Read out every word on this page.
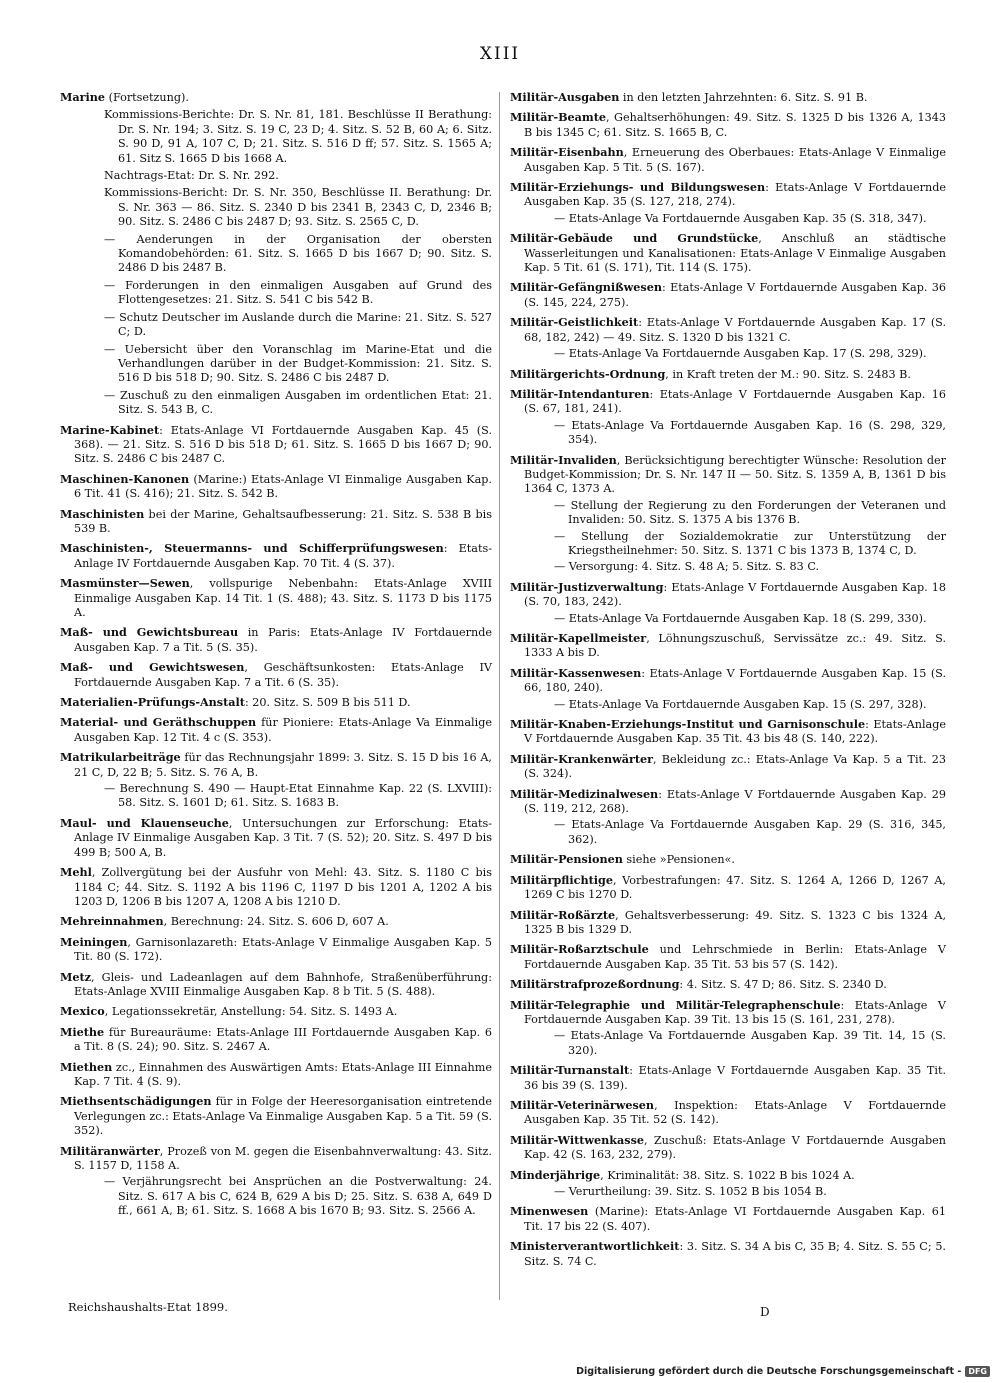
XIII

Marine (Fortsetzung).

Kommissions-Berichte: Dr. S. Nr. 81, 181. Beschlüsse II Berathung: Dr. S. Nr. 194; 3. Sitz. S. 19 C, 23 D; 4. Sitz. S. 52 B, 60 A; 6. Sitz. S. 90 D, 91 A, 107 C, D; 21. Sitz. S. 516 D ff; 57. Sitz. S. 1565 A; 61. Sitz S. 1665 D bis 1668 A.

Nachtrags-Etat: Dr. S. Nr. 292.

Kommissions-Bericht: Dr. S. Nr. 350, Beschlüsse II. Berathung: Dr. S. Nr. 363 — 86. Sitz. S. 2340 D bis 2341 B, 2343 C, D, 2346 B; 90. Sitz. S. 2486 C bis 2487 D; 93. Sitz. S. 2565 C, D.

— Aenderungen in der Organisation der obersten Komandobehörden: 61. Sitz. S. 1665 D bis 1667 D; 90. Sitz. S. 2486 D bis 2487 B.

— Forderungen in den einmaligen Ausgaben auf Grund des Flottengesetzes: 21. Sitz. S. 541 C bis 542 B.

— Schutz Deutscher im Auslande durch die Marine: 21. Sitz. S. 527 C; D.

— Uebersicht über den Voranschlag im Marine-Etat und die Verhandlungen darüber in der Budget-Kommission: 21. Sitz. S. 516 D bis 518 D; 90. Sitz. S. 2486 C bis 2487 D.

— Zuschuß zu den einmaligen Ausgaben im ordentlichen Etat: 21. Sitz. S. 543 B, C.

Marine-Kabinet: Etats-Anlage VI Fortdauernde Ausgaben Kap. 45 (S. 368). — 21. Sitz. S. 516 D bis 518 D; 61. Sitz. S. 1665 D bis 1667 D; 90. Sitz. S. 2486 C bis 2487 C.

Maschinen-Kanonen (Marine:) Etats-Anlage VI Einmalige Ausgaben Kap. 6 Tit. 41 (S. 416); 21. Sitz. S. 542 B.

Maschinisten bei der Marine, Gehaltsaufbesserung: 21. Sitz. S. 538 B bis 539 B.

Maschinisten-, Steuermanns- und Schifferprüfungswesen: Etats-Anlage IV Fortdauernde Ausgaben Kap. 70 Tit. 4 (S. 37).

Masmünster—Sewen, vollspurige Nebenbahn: Etats-Anlage XVIII Einmalige Ausgaben Kap. 14 Tit. 1 (S. 488); 43. Sitz. S. 1173 D bis 1175 A.

Maß- und Gewichtsbureau in Paris: Etats-Anlage IV Fortdauernde Ausgaben Kap. 7 a Tit. 5 (S. 35).

Maß- und Gewichtswesen, Geschäftsunkosten: Etats-Anlage IV Fortdauernde Ausgaben Kap. 7 a Tit. 6 (S. 35).

Materialien-Prüfungs-Anstalt: 20. Sitz. S. 509 B bis 511 D.

Material- und Geräthschuppen für Pioniere: Etats-Anlage Va Einmalige Ausgaben Kap. 12 Tit. 4 c (S. 353).

Matrikularbeiträge für das Rechnungsjahr 1899: 3. Sitz. S. 15 D bis 16 A, 21 C, D, 22 B; 5. Sitz. S. 76 A, B.

— Berechnung S. 490 — Haupt-Etat Einnahme Kap. 22 (S. LXVIII): 58. Sitz. S. 1601 D; 61. Sitz. S. 1683 B.

Maul- und Klauenseuche, Untersuchungen zur Erforschung: Etats-Anlage IV Einmalige Ausgaben Kap. 3 Tit. 7 (S. 52); 20. Sitz. S. 497 D bis 499 B; 500 A, B.

Mehl, Zollvergütung bei der Ausfuhr von Mehl: 43. Sitz. S. 1180 C bis 1184 C; 44. Sitz. S. 1192 A bis 1196 C, 1197 D bis 1201 A, 1202 A bis 1203 D, 1206 B bis 1207 A, 1208 A bis 1210 D.

Mehreinnahmen, Berechnung: 24. Sitz. S. 606 D, 607 A.

Meiningen, Garnisonlazareth: Etats-Anlage V Einmalige Ausgaben Kap. 5 Tit. 80 (S. 172).

Metz, Gleis- und Ladeanlagen auf dem Bahnhofe, Straßenüberführung: Etats-Anlage XVIII Einmalige Ausgaben Kap. 8 b Tit. 5 (S. 488).

Mexico, Legationssekretär, Anstellung: 54. Sitz. S. 1493 A.

Miethe für Bureauräume: Etats-Anlage III Fortdauernde Ausgaben Kap. 6 a Tit. 8 (S. 24); 90. Sitz. S. 2467 A.

Miethen zc., Einnahmen des Auswärtigen Amts: Etats-Anlage III Einnahme Kap. 7 Tit. 4 (S. 9).

Miethsentschädigungen für in Folge der Heeresorganisation eintretende Verlegungen zc.: Etats-Anlage Va Einmalige Ausgaben Kap. 5 a Tit. 59 (S. 352).

Militäranwärter, Prozeß von M. gegen die Eisenbahnverwaltung: 43. Sitz. S. 1157 D, 1158 A.

— Verjährungsrecht bei Ansprüchen an die Postverwaltung: 24. Sitz. S. 617 A bis C, 624 B, 629 A bis D; 25. Sitz. S. 638 A, 649 D ff., 661 A, B; 61. Sitz. S. 1668 A bis 1670 B; 93. Sitz. S. 2566 A.

Militär-Ausgaben in den letzten Jahrzehnten: 6. Sitz. S. 91 B.

Militär-Beamte, Gehaltserhöhungen: 49. Sitz. S. 1325 D bis 1326 A, 1343 B bis 1345 C; 61. Sitz. S. 1665 B, C.

Militär-Eisenbahn, Erneuerung des Oberbaues: Etats-Anlage V Einmalige Ausgaben Kap. 5 Tit. 5 (S. 167).

Militär-Erziehungs- und Bildungswesen: Etats-Anlage V Fortdauernde Ausgaben Kap. 35 (S. 127, 218, 274).

— Etats-Anlage Va Fortdauernde Ausgaben Kap. 35 (S. 318, 347).

Militär-Gebäude und Grundstücke, Anschluß an städtische Wasserleitungen und Kanalisationen: Etats-Anlage V Einmalige Ausgaben Kap. 5 Tit. 61 (S. 171), Tit. 114 (S. 175).

Militär-Gefängnißwesen: Etats-Anlage V Fortdauernde Ausgaben Kap. 36 (S. 145, 224, 275).

Militär-Geistlichkeit: Etats-Anlage V Fortdauernde Ausgaben Kap. 17 (S. 68, 182, 242) — 49. Sitz. S. 1320 D bis 1321 C.

— Etats-Anlage Va Fortdauernde Ausgaben Kap. 17 (S. 298, 329).

Militärgerichts-Ordnung, in Kraft treten der M.: 90. Sitz. S. 2483 B.

Militär-Intendanturen: Etats-Anlage V Fortdauernde Ausgaben Kap. 16 (S. 67, 181, 241).

— Etats-Anlage Va Fortdauernde Ausgaben Kap. 16 (S. 298, 329, 354).

Militär-Invaliden, Berücksichtigung berechtigter Wünsche: Resolution der Budget-Kommission; Dr. S. Nr. 147 II — 50. Sitz. S. 1359 A, B, 1361 D bis 1364 C, 1373 A.

— Stellung der Regierung zu den Forderungen der Veteranen und Invaliden: 50. Sitz. S. 1375 A bis 1376 B.

— Stellung der Sozialdemokratie zur Unterstützung der Kriegstheilnehmer: 50. Sitz. S. 1371 C bis 1373 B, 1374 C, D.

— Versorgung: 4. Sitz. S. 48 A; 5. Sitz. S. 83 C.

Militär-Justizverwaltung: Etats-Anlage V Fortdauernde Ausgaben Kap. 18 (S. 70, 183, 242).

— Etats-Anlage Va Fortdauernde Ausgaben Kap. 18 (S. 299, 330).

Militär-Kapellmeister, Löhnungszuschuß, Servissätze zc.: 49. Sitz. S. 1333 A bis D.

Militär-Kassenwesen: Etats-Anlage V Fortdauernde Ausgaben Kap. 15 (S. 66, 180, 240).

— Etats-Anlage Va Fortdauernde Ausgaben Kap. 15 (S. 297, 328).

Militär-Knaben-Erziehungs-Institut und Garnisonschule: Etats-Anlage V Fortdauernde Ausgaben Kap. 35 Tit. 43 bis 48 (S. 140, 222).

Militär-Krankenwärter, Bekleidung zc.: Etats-Anlage Va Kap. 5 a Tit. 23 (S. 324).

Militär-Medizinalwesen: Etats-Anlage V Fortdauernde Ausgaben Kap. 29 (S. 119, 212, 268).

— Etats-Anlage Va Fortdauernde Ausgaben Kap. 29 (S. 316, 345, 362).

Militär-Pensionen siehe »Pensionen«.

Militärpflichtige, Vorbestrafungen: 47. Sitz. S. 1264 A, 1266 D, 1267 A, 1269 C bis 1270 D.

Militär-Roßärzte, Gehaltsverbesserung: 49. Sitz. S. 1323 C bis 1324 A, 1325 B bis 1329 D.

Militär-Roßarztschule und Lehrschmiede in Berlin: Etats-Anlage V Fortdauernde Ausgaben Kap. 35 Tit. 53 bis 57 (S. 142).

Militärstrafprozeßordnung: 4. Sitz. S. 47 D; 86. Sitz. S. 2340 D.

Militär-Telegraphie und Militär-Telegraphenschule: Etats-Anlage V Fortdauernde Ausgaben Kap. 39 Tit. 13 bis 15 (S. 161, 231, 278).

— Etats-Anlage Va Fortdauernde Ausgaben Kap. 39 Tit. 14, 15 (S. 320).

Militär-Turnanstalt: Etats-Anlage V Fortdauernde Ausgaben Kap. 35 Tit. 36 bis 39 (S. 139).

Militär-Veterinärwesen, Inspektion: Etats-Anlage V Fortdauernde Ausgaben Kap. 35 Tit. 52 (S. 142).

Militär-Wittwenkasse, Zuschuß: Etats-Anlage V Fortdauernde Ausgaben Kap. 42 (S. 163, 232, 279).

Minderjährige, Kriminalität: 38. Sitz. S. 1022 B bis 1024 A.

— Verurtheilung: 39. Sitz. S. 1052 B bis 1054 B.

Minenwesen (Marine): Etats-Anlage VI Fortdauernde Ausgaben Kap. 61 Tit. 17 bis 22 (S. 407).

Ministerverantwortlichkeit: 3. Sitz. S. 34 A bis C, 35 B; 4. Sitz. S. 55 C; 5. Sitz. S. 74 C.

Reichshaushalts-Etat 1899.	D
Digitalisierung gefördert durch die Deutsche Forschungsgemeinschaft - DFG
